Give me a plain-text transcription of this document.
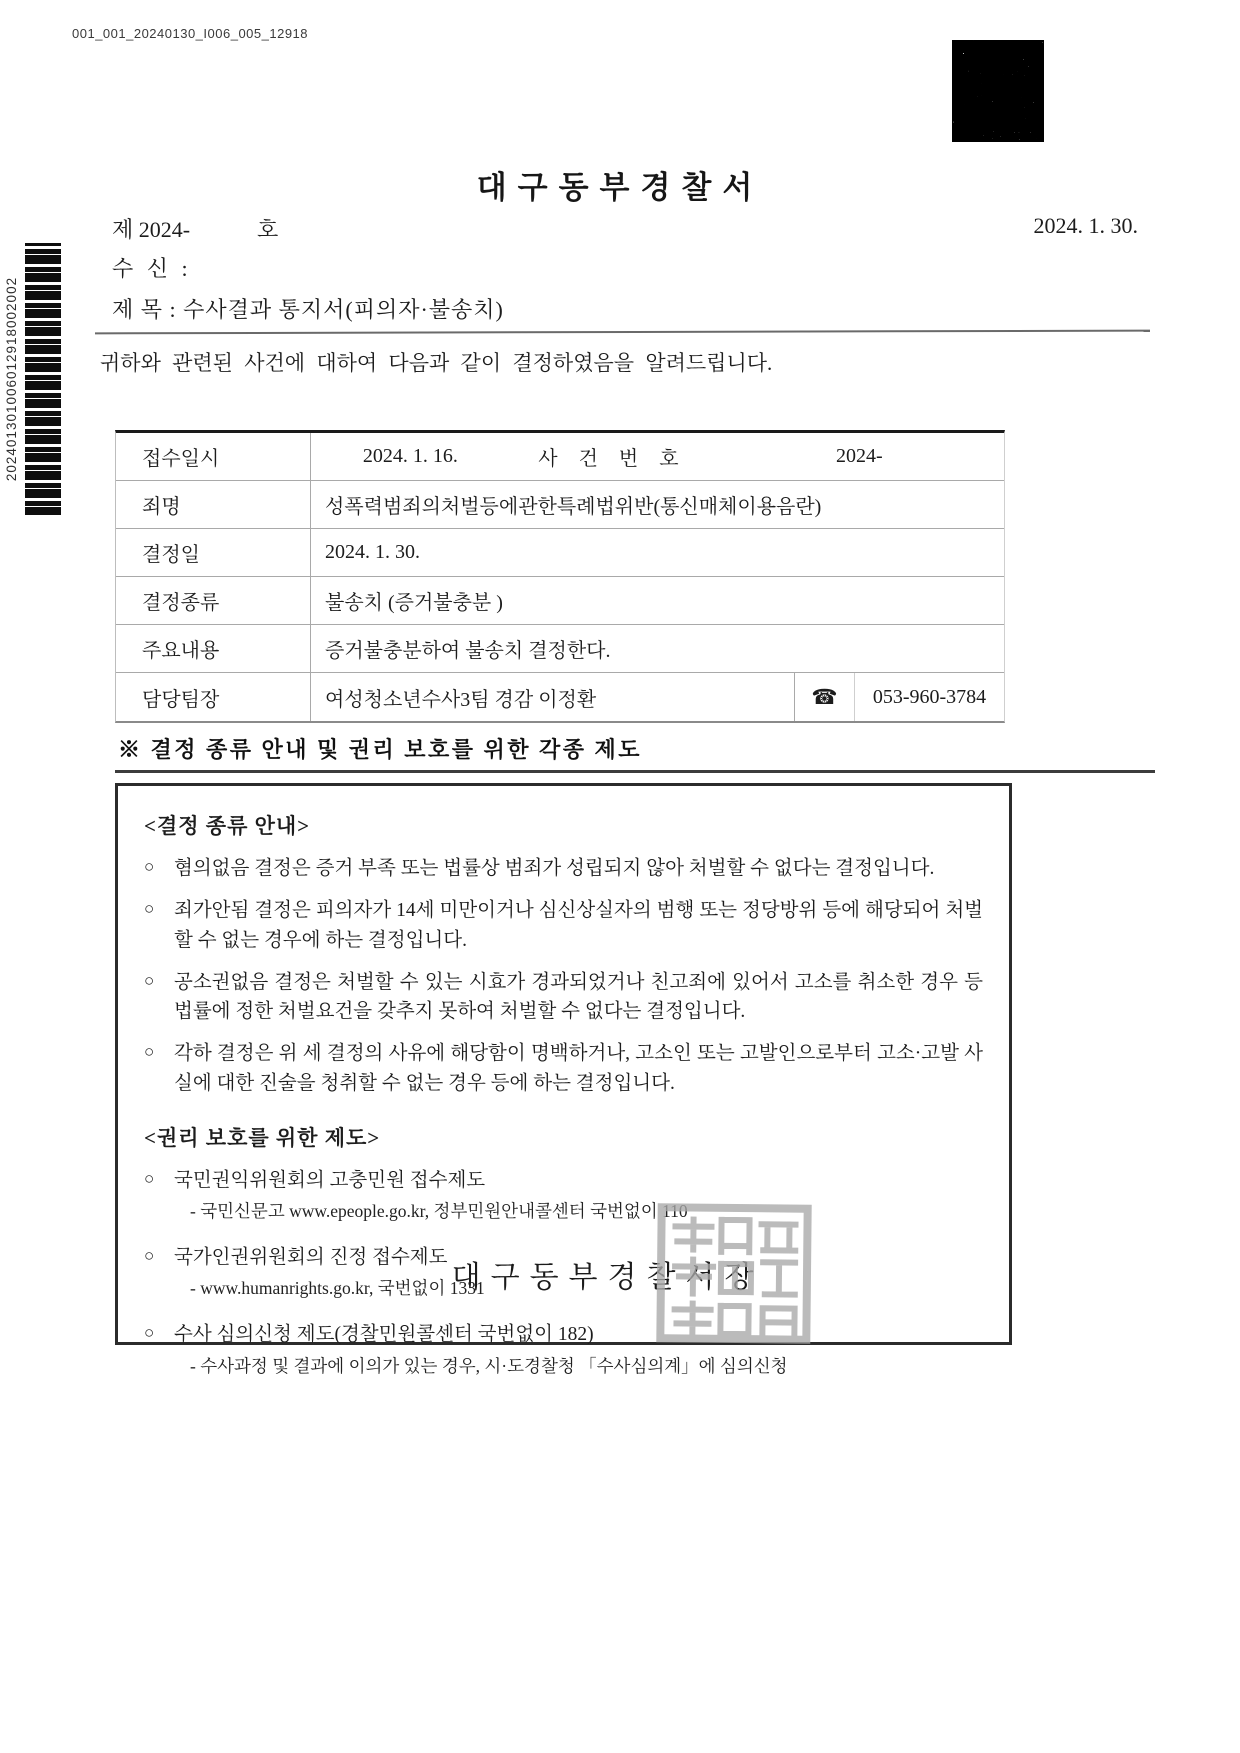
001_001_20240130_I006_005_12918
202401301006012918002002
대구동부경찰서
제 2024-	호	2024. 1. 30.
수 신 :
제 목 : 수사결과 통지서(피의자·불송치)
귀하와 관련된 사건에 대하여 다음과 같이 결정하였음을 알려드립니다.
접수일시	2024. 1. 16.	사 건 번 호	2024-
죄명	성폭력범죄의처벌등에관한특례법위반(통신매체이용음란)
결정일	2024. 1. 30.
결정종류	불송치 (증거불충분 )
주요내용	증거불충분하여 불송치 결정한다.
담당팀장	여성청소년수사3팀 경감 이정환	☎	053-960-3784
※ 결정 종류 안내 및 권리 보호를 위한 각종 제도
<결정 종류 안내>
○	혐의없음 결정은 증거 부족 또는 법률상 범죄가 성립되지 않아 처벌할 수 없다는 결정입니다.
○	죄가안됨 결정은 피의자가 14세 미만이거나 심신상실자의 범행 또는 정당방위 등에 해당되어 처벌할 수 없는 경우에 하는 결정입니다.
○	공소권없음 결정은 처벌할 수 있는 시효가 경과되었거나 친고죄에 있어서 고소를 취소한 경우 등 법률에 정한 처벌요건을 갖추지 못하여 처벌할 수 없다는 결정입니다.
○	각하 결정은 위 세 결정의 사유에 해당함이 명백하거나, 고소인 또는 고발인으로부터 고소·고발 사실에 대한 진술을 청취할 수 없는 경우 등에 하는 결정입니다.
<권리 보호를 위한 제도>
○	국민권익위원회의 고충민원 접수제도
- 국민신문고 www.epeople.go.kr, 정부민원안내콜센터 국번없이 110
○	국가인권위원회의 진정 접수제도
- www.humanrights.go.kr, 국번없이 1331
○	수사 심의신청 제도(경찰민원콜센터 국번없이 182)
- 수사과정 및 결과에 이의가 있는 경우, 시·도경찰청 「수사심의계」에 심의신청
대구동부경찰서장
